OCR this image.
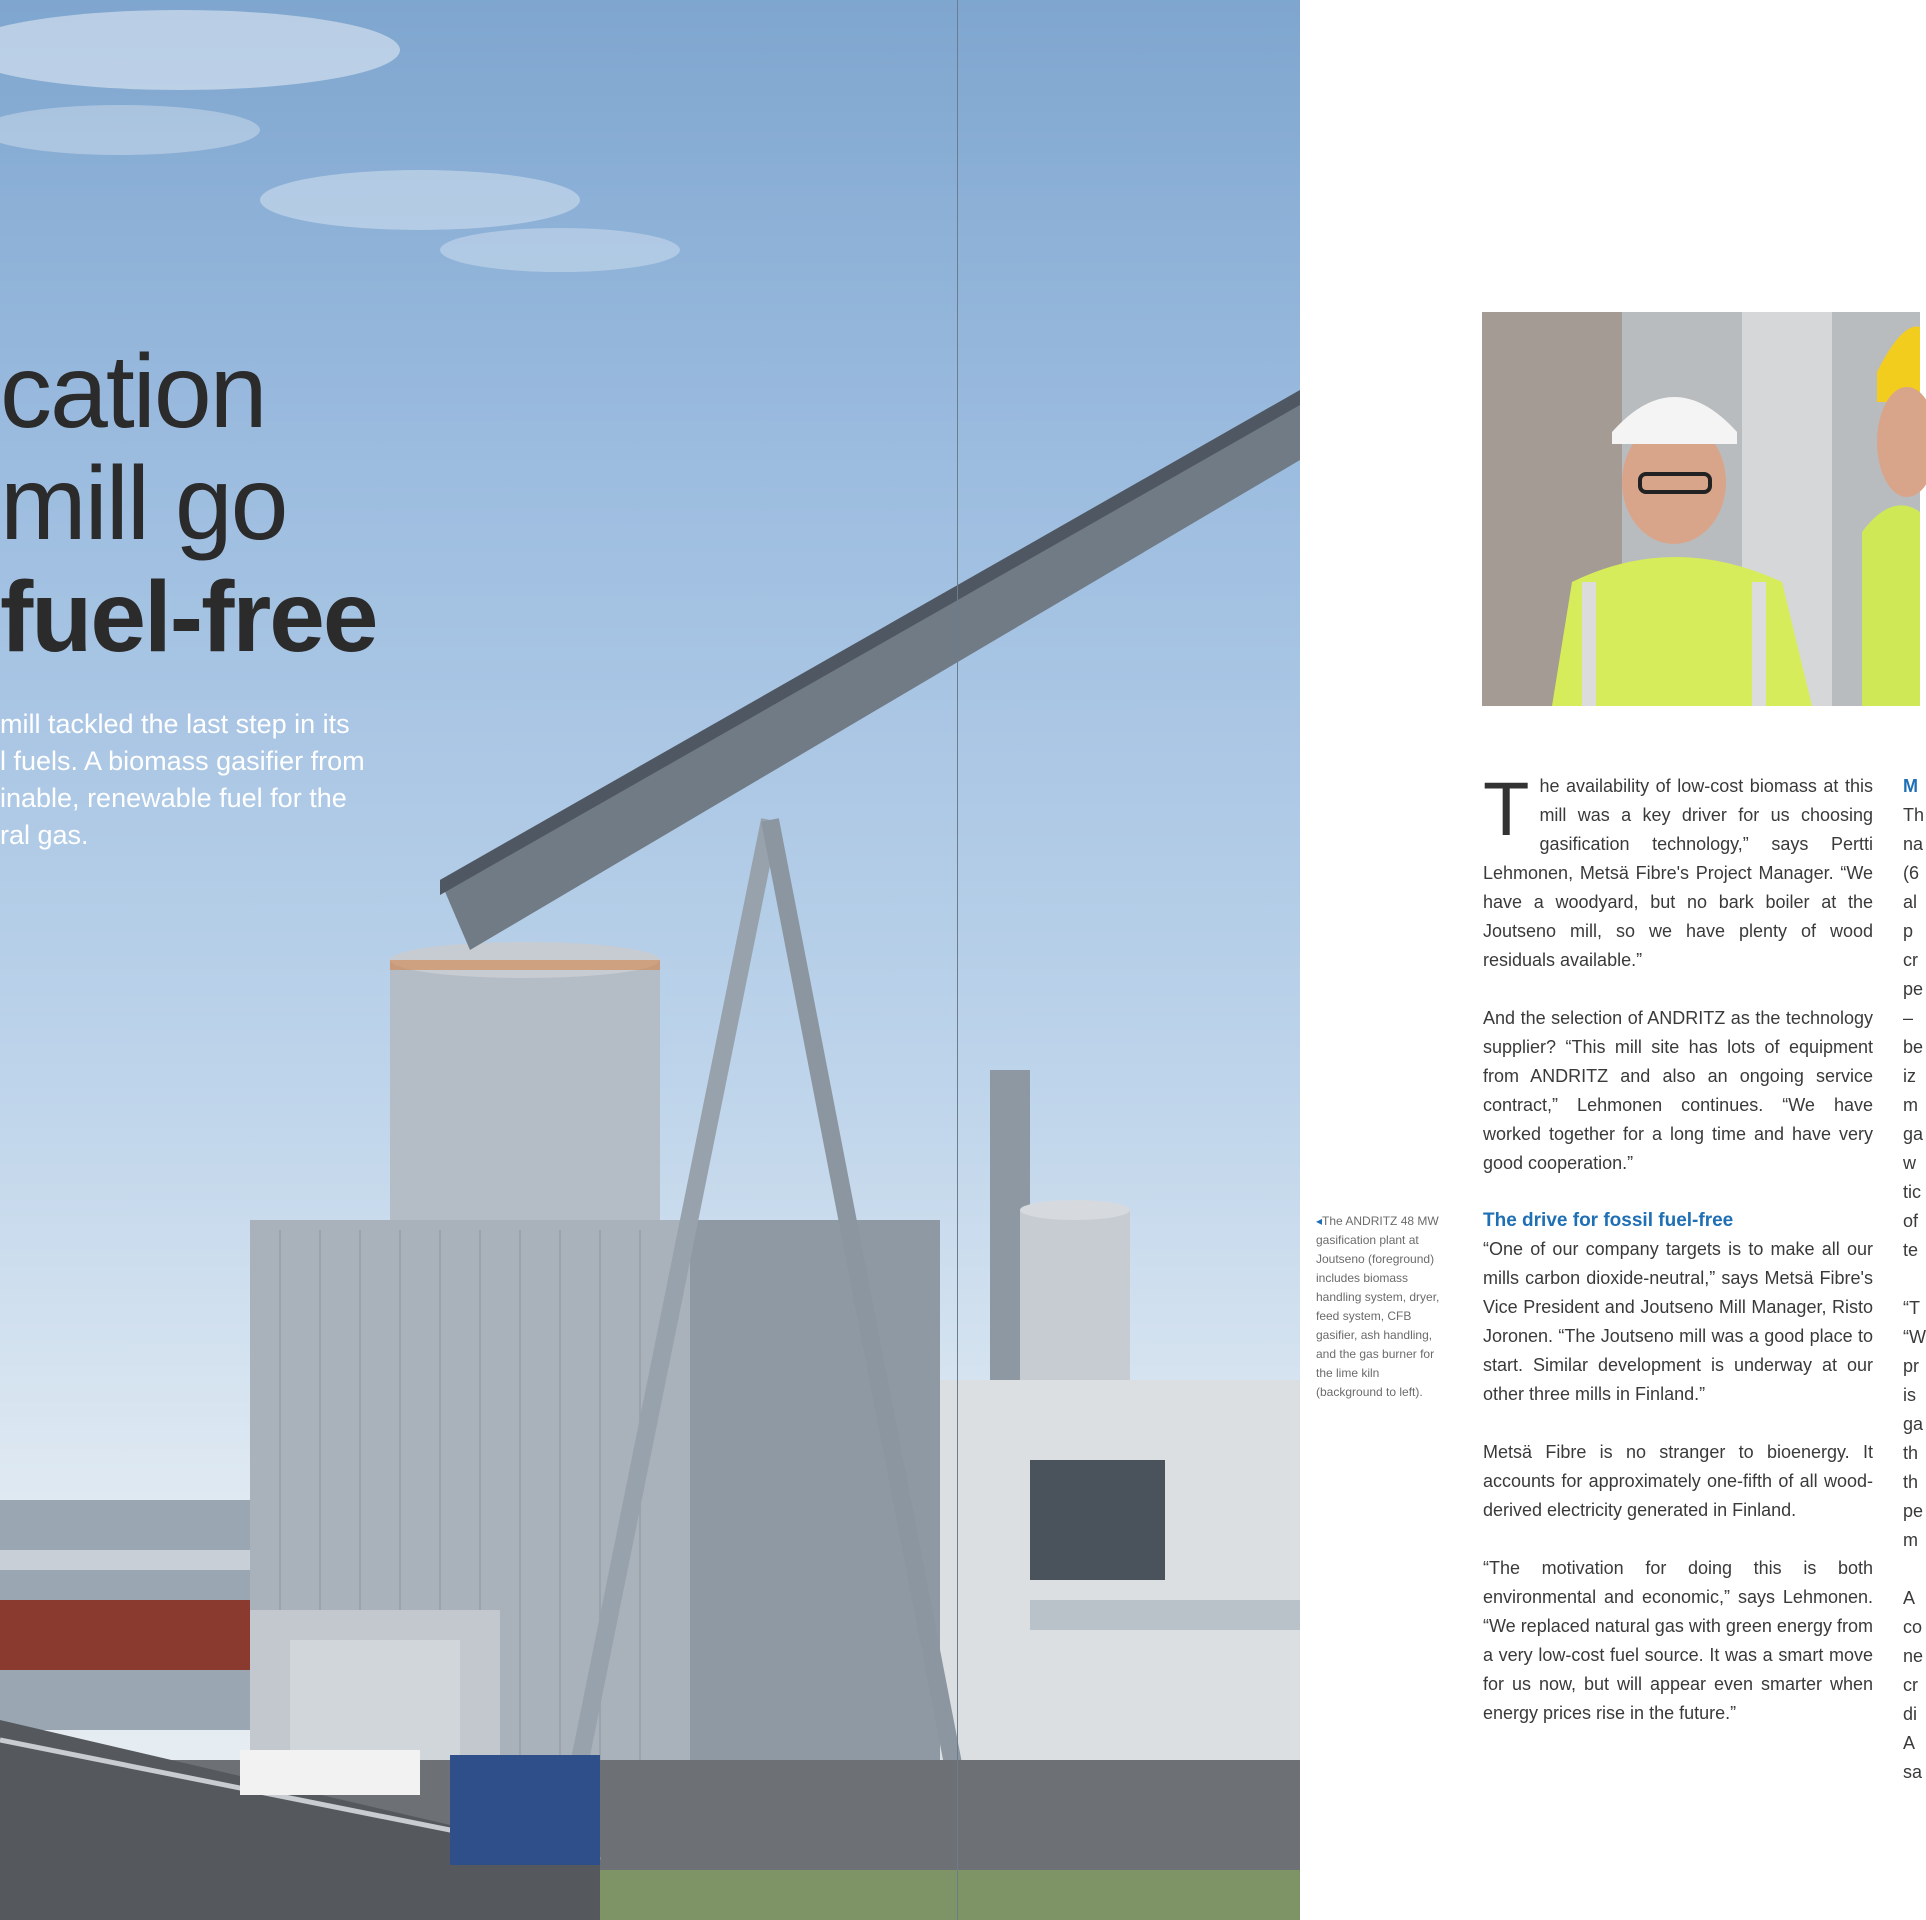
cation
mill go
fuel-free
mill tackled the last step in its
l fuels. A biomass gasifier from
inable, renewable fuel for the
ral gas.
◂The ANDRITZ 48 MW gasification plant at Joutseno (foreground) includes biomass handling system, dryer, feed system, CFB gasifier, ash handling, and the gas burner for the lime kiln (background to left).

The availability of low-cost biomass at this mill was a key driver for us choosing gasification technology,” says Pertti Lehmonen, Metsä Fibre's Project Manager. “We have a woodyard, but no bark boiler at the Joutseno mill, so we have plenty of wood residuals available.”

And the selection of ANDRITZ as the technology supplier? “This mill site has lots of equipment from ANDRITZ and also an ongoing service contract,” Lehmonen continues. “We have worked together for a long time and have very good cooperation.”

The drive for fossil fuel-free

“One of our company targets is to make all our mills carbon dioxide-neutral,” says Metsä Fibre's Vice President and Joutseno Mill Manager, Risto Joronen. “The Joutseno mill was a good place to start. Similar development is underway at our other three mills in Finland.”

Metsä Fibre is no stranger to bioenergy. It accounts for approximately one-fifth of all wood-derived electricity generated in Finland.

“The motivation for doing this is both environmental and economic,” says Lehmonen. “We replaced natural gas with green energy from a very low-cost fuel source. It was a smart move for us now, but will appear even smarter when energy prices rise in the future.”

M
Th
na
(6
al
p
cr
pe
–
be
iz
m
ga
w
tic
of
te

“T
“W
pr
is
ga
th
th
pe
m

A
co
ne
cr
di
A
sa
